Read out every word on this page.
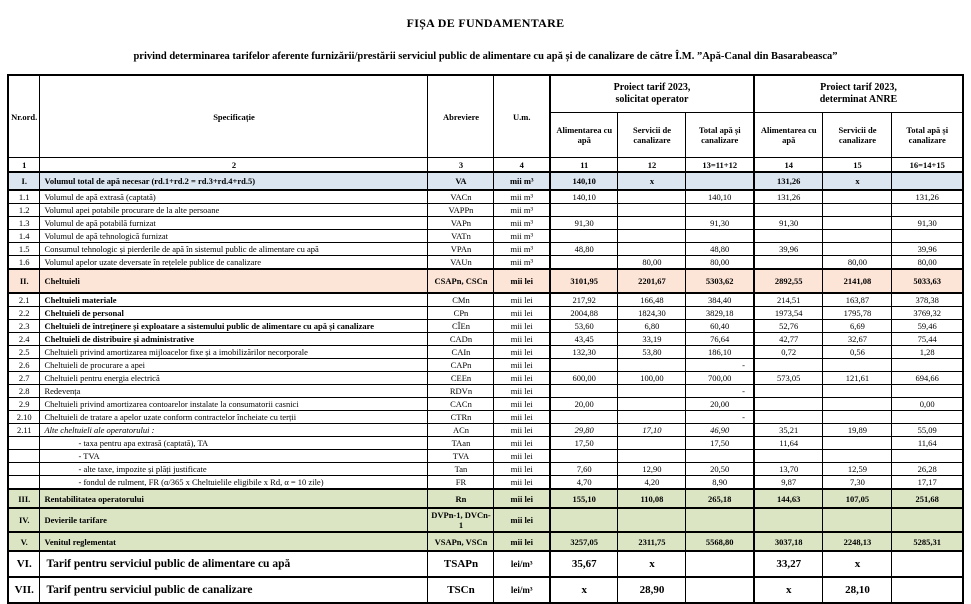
FIȘA DE FUNDAMENTARE
privind determinarea tarifelor aferente furnizării/prestării serviciul public de alimentare cu apă și de canalizare de către Î.M. ”Apă-Canal din Basarabeasca”
Nr.ord.	Specificație	Abreviere	U.m.	
Proiect tarif 2023,
solicitat operator

Proiect tarif 2023,
determinat ANRE

				Alimentarea cu apă	Servicii de canalizare	Total apă și canalizare	Alimentarea cu apă	Servicii de canalizare	Total apă și canalizare
1	2	3	4	11	12	13=11+12	14	15	16=14+15
I.	Volumul total de apă necesar (rd.1+rd.2 = rd.3+rd.4+rd.5)	VA	mii m³	140,10	x		131,26	x	
1.1	Volumul de apă extrasă (captată)	VACn	mii m³	140,10		140,10	131,26		131,26
1.2	Volumul apei potabile procurare de la alte persoane	VAPPn	mii m³						
1.3	Volumul de apă potabilă furnizat	VAPn	mii m³	91,30		91,30	91,30		91,30
1.4	Volumul de apă tehnologică furnizat	VATn	mii m³						
1.5	Consumul tehnologic și pierderile de apă în sistemul public de alimentare cu apă	VPAn	mii m³	48,80		48,80	39,96		39,96
1.6	Volumul apelor uzate deversate în rețelele publice de canalizare	VAUn	mii m³		80,00	80,00		80,00	80,00
II.	Cheltuieli	CSAPn, CSCn	mii lei	3101,95	2201,67	5303,62	2892,55	2141,08	5033,63
2.1	Cheltuieli materiale	CMn	mii lei	217,92	166,48	384,40	214,51	163,87	378,38
2.2	Cheltuieli de personal	CPn	mii lei	2004,88	1824,30	3829,18	1973,54	1795,78	3769,32
2.3	Cheltuieli de întreținere și exploatare a sistemului public de alimentare cu apă și canalizare	CÎEn	mii lei	53,60	6,80	60,40	52,76	6,69	59,46
2.4	Cheltuieli de distribuire și administrative	CADn	mii lei	43,45	33,19	76,64	42,77	32,67	75,44
2.5	Cheltuieli privind amortizarea mijloacelor fixe și a imobilizărilor necorporale	CAIn	mii lei	132,30	53,80	186,10	0,72	0,56	1,28
2.6	Cheltuieli de procurare a apei	CAPn	mii lei			-			
2.7	Cheltuieli pentru energia electrică	CEEn	mii lei	600,00	100,00	700,00	573,05	121,61	694,66
2.8	Redevența	RDVn	mii lei			-			
2.9	Cheltuieli privind amortizarea contoarelor instalate la consumatorii casnici	CACn	mii lei	20,00		20,00			0,00
2.10	Cheltuieli de tratare a apelor uzate conform contractelor încheiate cu terții	CTRn	mii lei			-			
2.11	Alte cheltuieli ale operatorului :	ACn	mii lei	29,80	17,10	46,90	35,21	19,89	55,09
	- taxa pentru apa extrasă (captată), TA	TAan	mii lei	17,50		17,50	11,64		11,64
	- TVA	TVA	mii lei						
	- alte taxe, impozite și plăți justificate	Tan	mii lei	7,60	12,90	20,50	13,70	12,59	26,28
	- fondul de rulment, FR (α/365 x Cheltuielile eligibile x Rd, α = 10 zile)	FR	mii lei	4,70	4,20	8,90	9,87	7,30	17,17
III.	Rentabilitatea operatorului	Rn	mii lei	155,10	110,08	265,18	144,63	107,05	251,68
IV.	Devierile tarifare	DVPn-1, DVCn-1	mii lei						
V.	Venitul reglementat	VSAPn, VSCn	mii lei	3257,05	2311,75	5568,80	3037,18	2248,13	5285,31
VI.	Tarif pentru serviciul public de alimentare cu apă	TSAPn	lei/m³	35,67	x		33,27	x	
VII.	Tarif pentru serviciul public de canalizare	TSCn	lei/m³	x	28,90		x	28,10	
